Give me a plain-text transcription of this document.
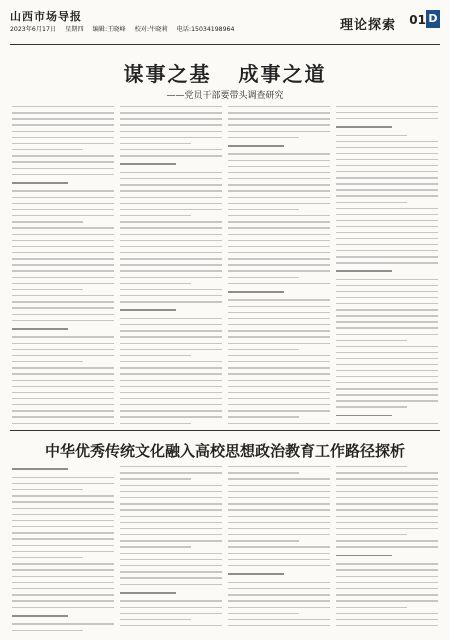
山西市场导报
2023年6月17日 星期四 编辑:王晓峰 校对:牛晓莉 电话:15034198964	理论探索 01 D
谋事之基 成事之道
——党员干部要带头调查研究
中华优秀传统文化融入高校思想政治教育工作路径探析
